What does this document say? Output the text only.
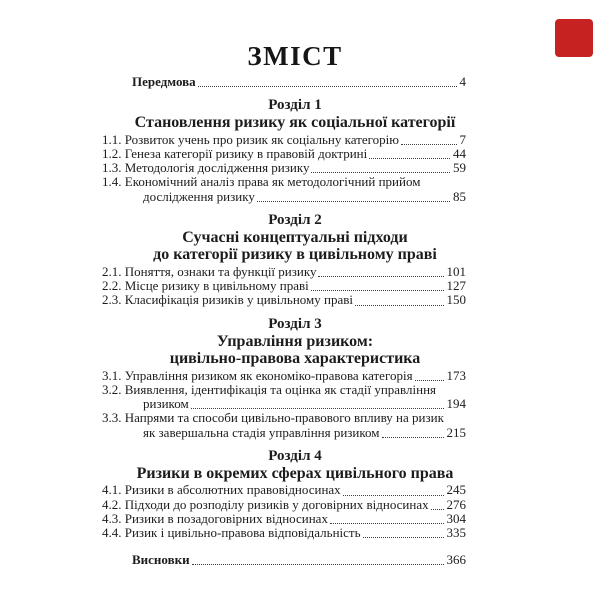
ЗМІСТ
Передмова	4
Розділ 1
Становлення ризику як соціальної категорії
1.1. Розвиток учень про ризик як соціальну категорію	7
1.2. Генеза категорії ризику в правовій доктрині	44
1.3. Методологія дослідження ризику	59
1.4. Економічний аналіз права як методологічний прийом
дослідження ризику	85
Розділ 2
Сучасні концептуальні підходи
до категорії ризику в цивільному праві
2.1. Поняття, ознаки та функції ризику	101
2.2. Місце ризику в цивільному праві	127
2.3. Класифікація ризиків у цивільному праві	150
Розділ 3
Управління ризиком:
цивільно-правова характеристика
3.1. Управління ризиком як економіко-правова категорія	173
3.2. Виявлення, ідентифікація та оцінка як стадії управління
ризиком	194
3.3. Напрями та способи цивільно-правового впливу на ризик
як завершальна стадія управління ризиком	215
Розділ 4
Ризики в окремих сферах цивільного права
4.1. Ризики в абсолютних правовідносинах	245
4.2. Підходи до розподілу ризиків у договірних відносинах 276
4.3. Ризики в позадоговірних відносинах	304
4.4. Ризик і цивільно-правова відповідальність	335
Висновки	366
